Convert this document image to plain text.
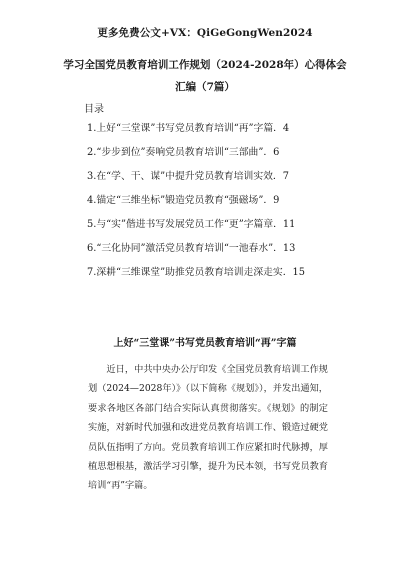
更多免费公文+VX：QiGeGongWen2024
学习全国党员教育培训工作规划（2024-2028年）心得体会
汇编（7篇）
目录
1.上好“三堂课”书写党员教育培训“再”字篇．4
2.“步步到位”奏响党员教育培训“三部曲”．6
3.在“学、干、谋”中提升党员教育培训实效．7
4.锚定“三维坐标”锻造党员教育“强磁场”．9
5.与“实”偕进书写发展党员工作“更”字篇章．11
6.“三化协同”激活党员教育培训“一池春水”．13
7.深耕“三维课堂”助推党员教育培训走深走实．15
上好“三堂课”书写党员教育培训“再”字篇
近日，中共中央办公厅印发《全国党员教育培训工作规划（2024—2028年）》（以下简称《规划》），并发出通知，要求各地区各部门结合实际认真贯彻落实。《规划》的制定实施，对新时代加强和改进党员教育培训工作、锻造过硬党员队伍指明了方向。党员教育培训工作应紧扣时代脉搏，厚植思想根基，激活学习引擎，提升为民本领，书写党员教育培训“再”字篇。
